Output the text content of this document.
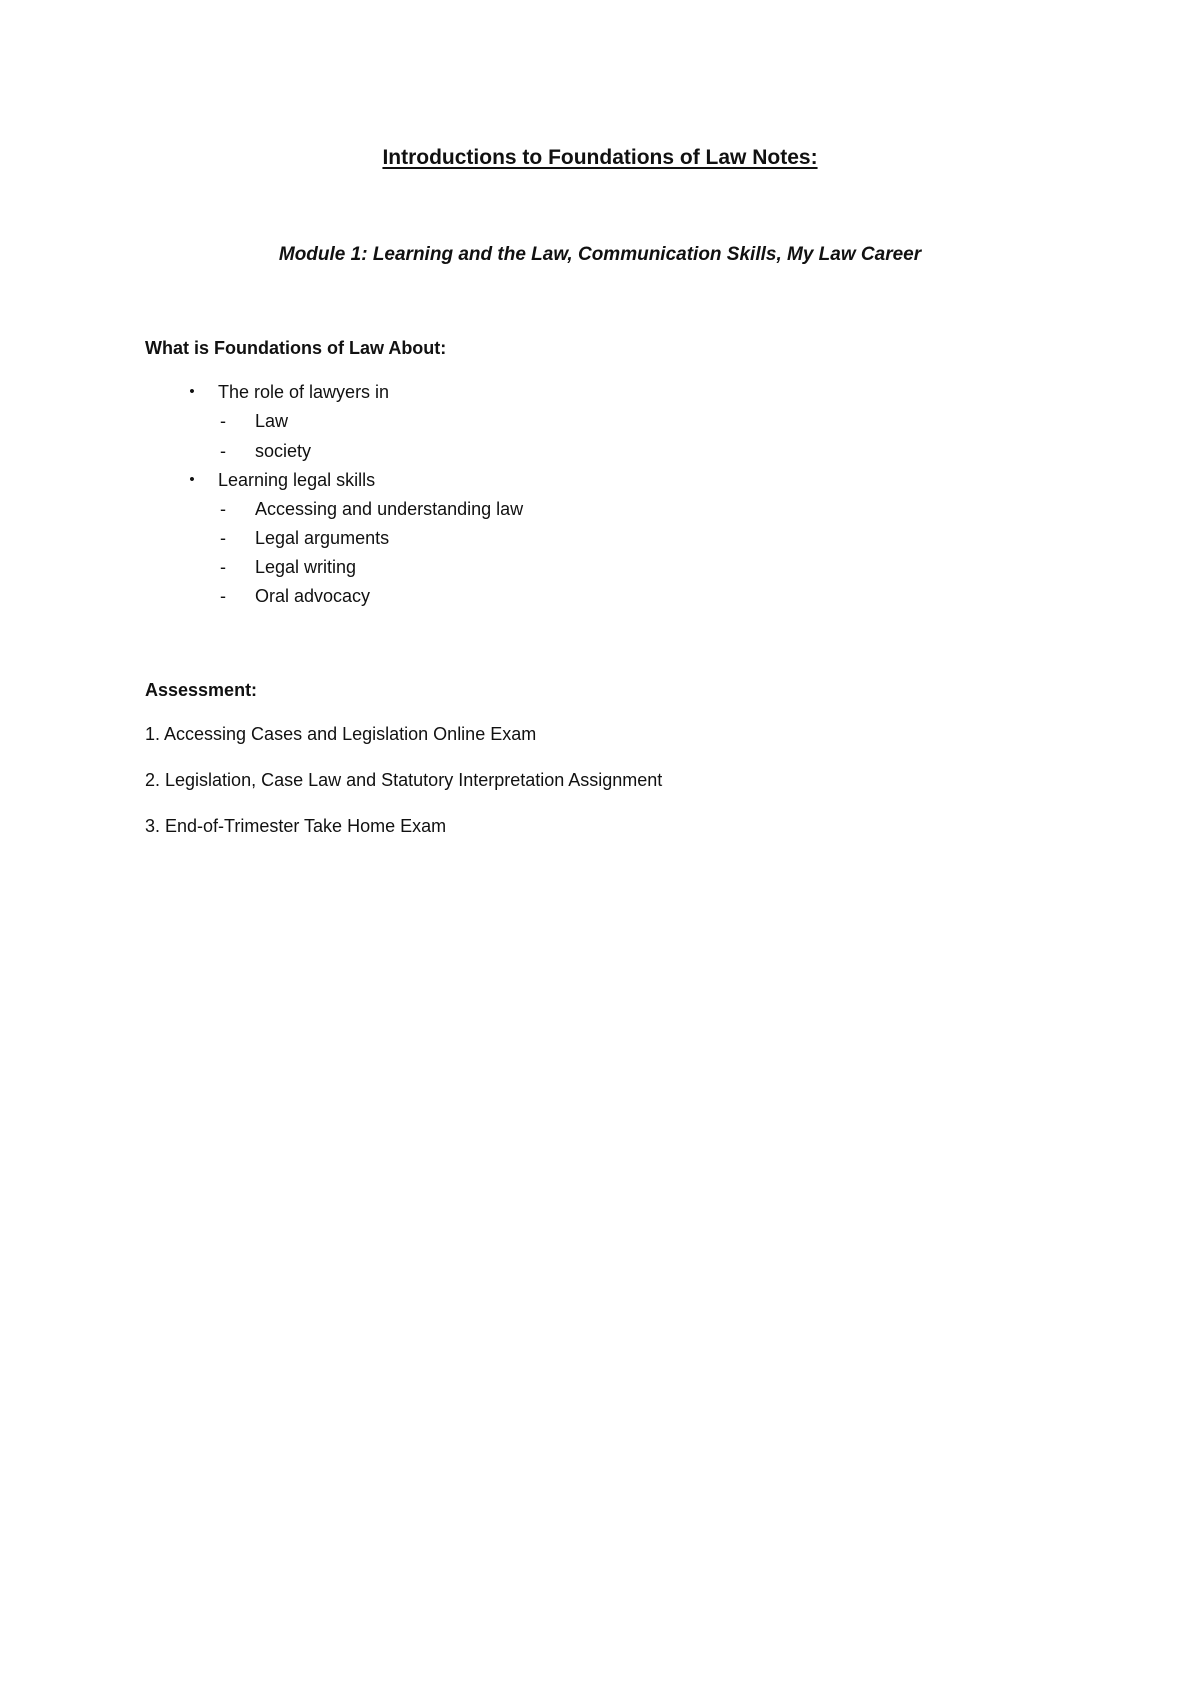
Introductions to Foundations of Law Notes:
Module 1: Learning and the Law, Communication Skills, My Law Career
What is Foundations of Law About:
• The role of lawyers in
- Law
- society
• Learning legal skills
- Accessing and understanding law
- Legal arguments
- Legal writing
- Oral advocacy
Assessment:
1. Accessing Cases and Legislation Online Exam
2. Legislation, Case Law and Statutory Interpretation Assignment
3. End-of-Trimester Take Home Exam
